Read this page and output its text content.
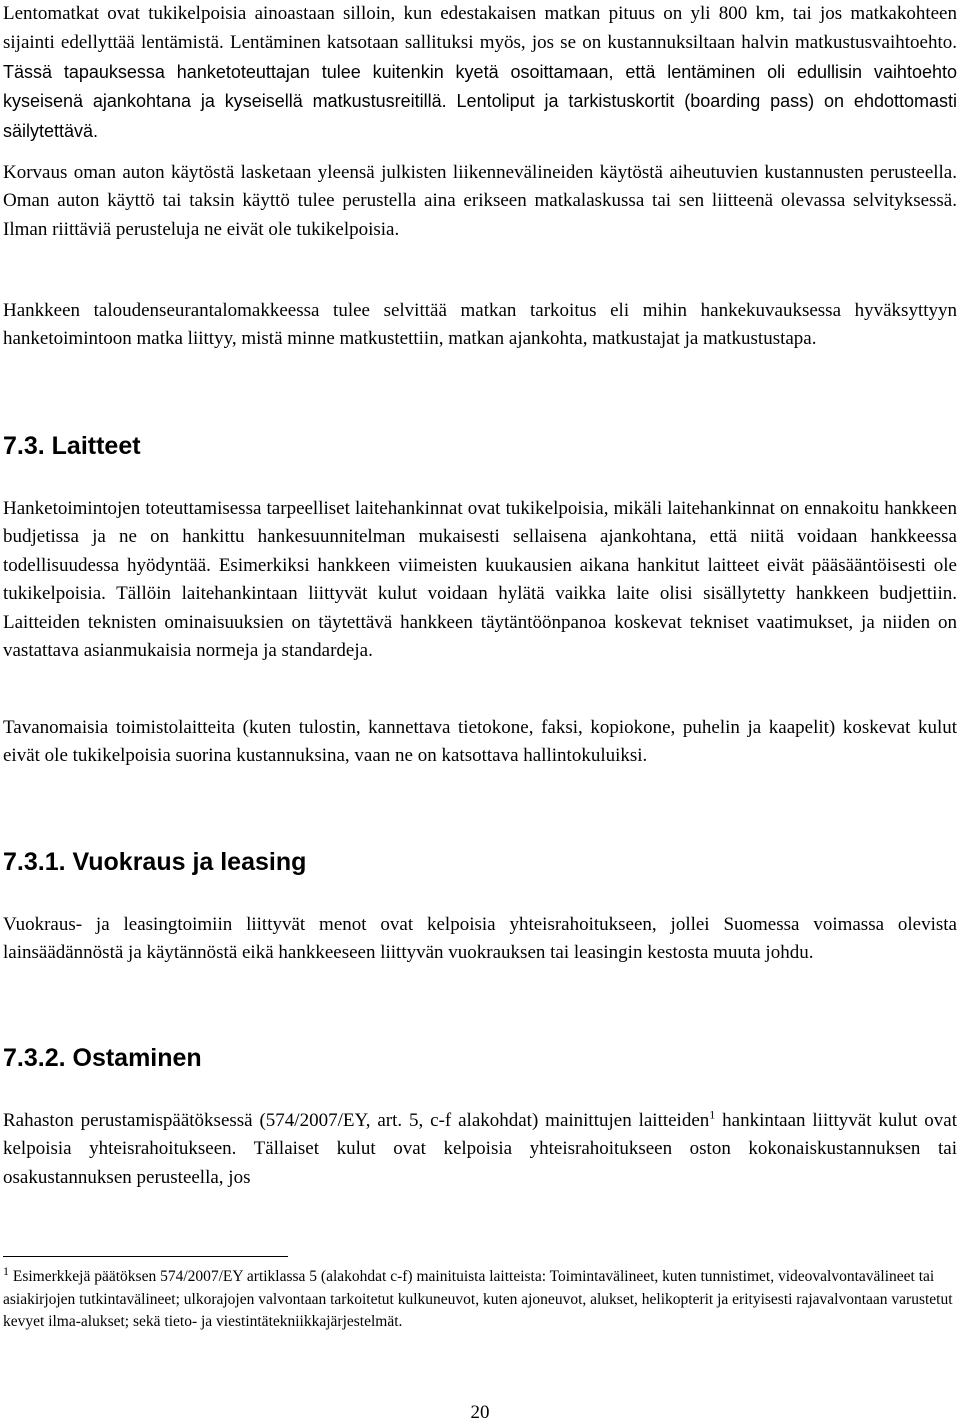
Lentomatkat ovat tukikelpoisia ainoastaan silloin, kun edestakaisen matkan pituus on yli 800 km, tai jos matkakohteen sijainti edellyttää lentämistä. Lentäminen katsotaan sallituksi myös, jos se on kustannuksiltaan halvin matkustusvaihtoehto. Tässä tapauksessa hanketoteuttajan tulee kuitenkin kyetä osoittamaan, että lentäminen oli edullisin vaihtoehto kyseisenä ajankohtana ja kyseisellä matkustusreitillä. Lentoliput ja tarkistuskortit (boarding pass) on ehdottomasti säilytettävä.

Korvaus oman auton käytöstä lasketaan yleensä julkisten liikennevälineiden käytöstä aiheutuvien kustannusten perusteella. Oman auton käyttö tai taksin käyttö tulee perustella aina erikseen matkalaskussa tai sen liitteenä olevassa selvityksessä. Ilman riittäviä perusteluja ne eivät ole tukikelpoisia.

Hankkeen taloudenseurantalomakkeessa tulee selvittää matkan tarkoitus eli mihin hankekuvauksessa hyväksyttyyn hanketoimintoon matka liittyy, mistä minne matkustettiin, matkan ajankohta, matkustajat ja matkustustapa.

7.3. Laitteet

Hanketoimintojen toteuttamisessa tarpeelliset laitehankinnat ovat tukikelpoisia, mikäli laitehankinnat on ennakoitu hankkeen budjetissa ja ne on hankittu hankesuunnitelman mukaisesti sellaisena ajankohtana, että niitä voidaan hankkeessa todellisuudessa hyödyntää. Esimerkiksi hankkeen viimeisten kuukausien aikana hankitut laitteet eivät pääsääntöisesti ole tukikelpoisia. Tällöin laitehankintaan liittyvät kulut voidaan hylätä vaikka laite olisi sisällytetty hankkeen budjettiin. Laitteiden teknisten ominaisuuksien on täytettävä hankkeen täytäntöönpanoa koskevat tekniset vaatimukset, ja niiden on vastattava asianmukaisia normeja ja standardeja.

Tavanomaisia toimistolaitteita (kuten tulostin, kannettava tietokone, faksi, kopiokone, puhelin ja kaapelit) koskevat kulut eivät ole tukikelpoisia suorina kustannuksina, vaan ne on katsottava hallintokuluiksi.

7.3.1. Vuokraus ja leasing

Vuokraus- ja leasingtoimiin liittyvät menot ovat kelpoisia yhteisrahoitukseen, jollei Suomessa voimassa olevista lainsäädännöstä ja käytännöstä eikä hankkeeseen liittyvän vuokrauksen tai leasingin kestosta muuta johdu.

7.3.2. Ostaminen

Rahaston perustamispäätöksessä (574/2007/EY, art. 5, c-f alakohdat) mainittujen laitteiden$^1$ hankintaan liittyvät kulut ovat kelpoisia yhteisrahoitukseen. Tällaiset kulut ovat kelpoisia yhteisrahoitukseen oston kokonaiskustannuksen tai osakustannuksen perusteella, jos

$^1$ Esimerkkejä päätöksen 574/2007/EY artiklassa 5 (alakohdat c-f) mainituista laitteista: Toimintavälineet, kuten tunnistimet, videovalvontavälineet tai asiakirjojen tutkintavälineet; ulkorajojen valvontaan tarkoitetut kulkuneuvot, kuten ajoneuvot, alukset, helikopterit ja erityisesti rajavalvontaan varustetut kevyet ilma-alukset; sekä tieto- ja viestintätekniikkajärjestelmät.
20
